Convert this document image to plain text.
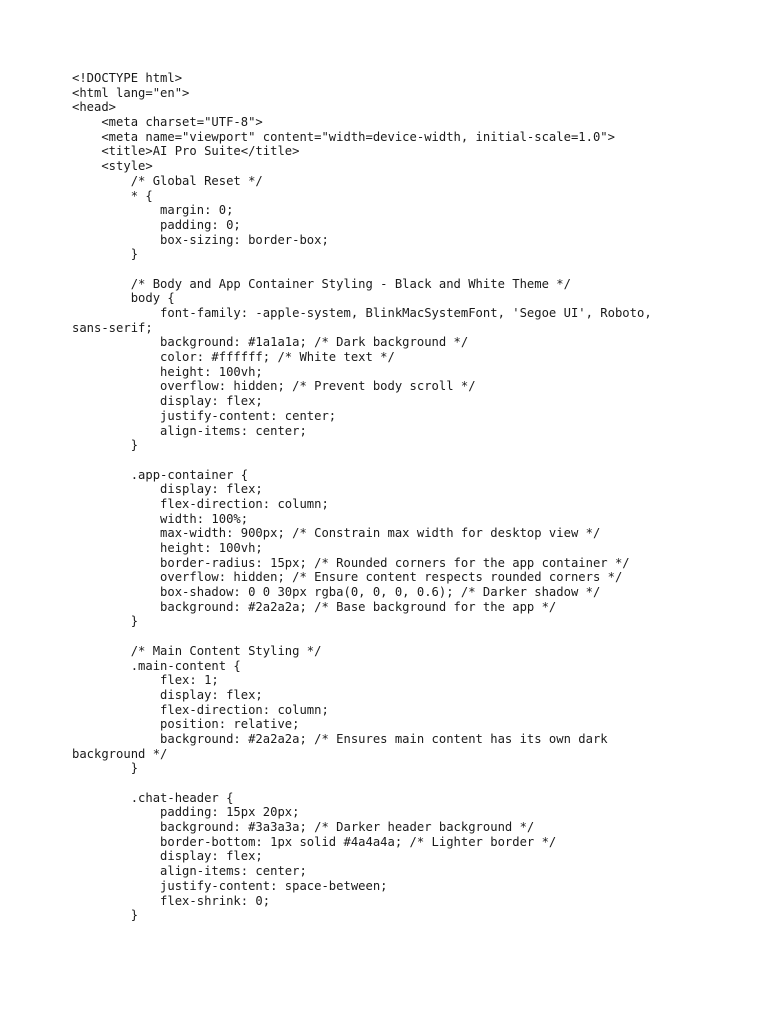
<!DOCTYPE html>
<html lang="en">
<head>
<meta charset="UTF-8">
<meta name="viewport" content="width=device-width, initial-scale=1.0">
<title>AI Pro Suite</title>
<style>
/* Global Reset */
* {
margin: 0;
padding: 0;
box-sizing: border-box;
}
/* Body and App Container Styling - Black and White Theme */
body {
font-family: -apple-system, BlinkMacSystemFont, 'Segoe UI', Roboto,
sans-serif;
background: #1a1a1a; /* Dark background */
color: #ffffff; /* White text */
height: 100vh;
overflow: hidden; /* Prevent body scroll */
display: flex;
justify-content: center;
align-items: center;
}
.app-container {
display: flex;
flex-direction: column;
width: 100%;
max-width: 900px; /* Constrain max width for desktop view */
height: 100vh;
border-radius: 15px; /* Rounded corners for the app container */
overflow: hidden; /* Ensure content respects rounded corners */
box-shadow: 0 0 30px rgba(0, 0, 0, 0.6); /* Darker shadow */
background: #2a2a2a; /* Base background for the app */
}
/* Main Content Styling */
.main-content {
flex: 1;
display: flex;
flex-direction: column;
position: relative;
background: #2a2a2a; /* Ensures main content has its own dark
background */
}
.chat-header {
padding: 15px 20px;
background: #3a3a3a; /* Darker header background */
border-bottom: 1px solid #4a4a4a; /* Lighter border */
display: flex;
align-items: center;
justify-content: space-between;
flex-shrink: 0;
}
